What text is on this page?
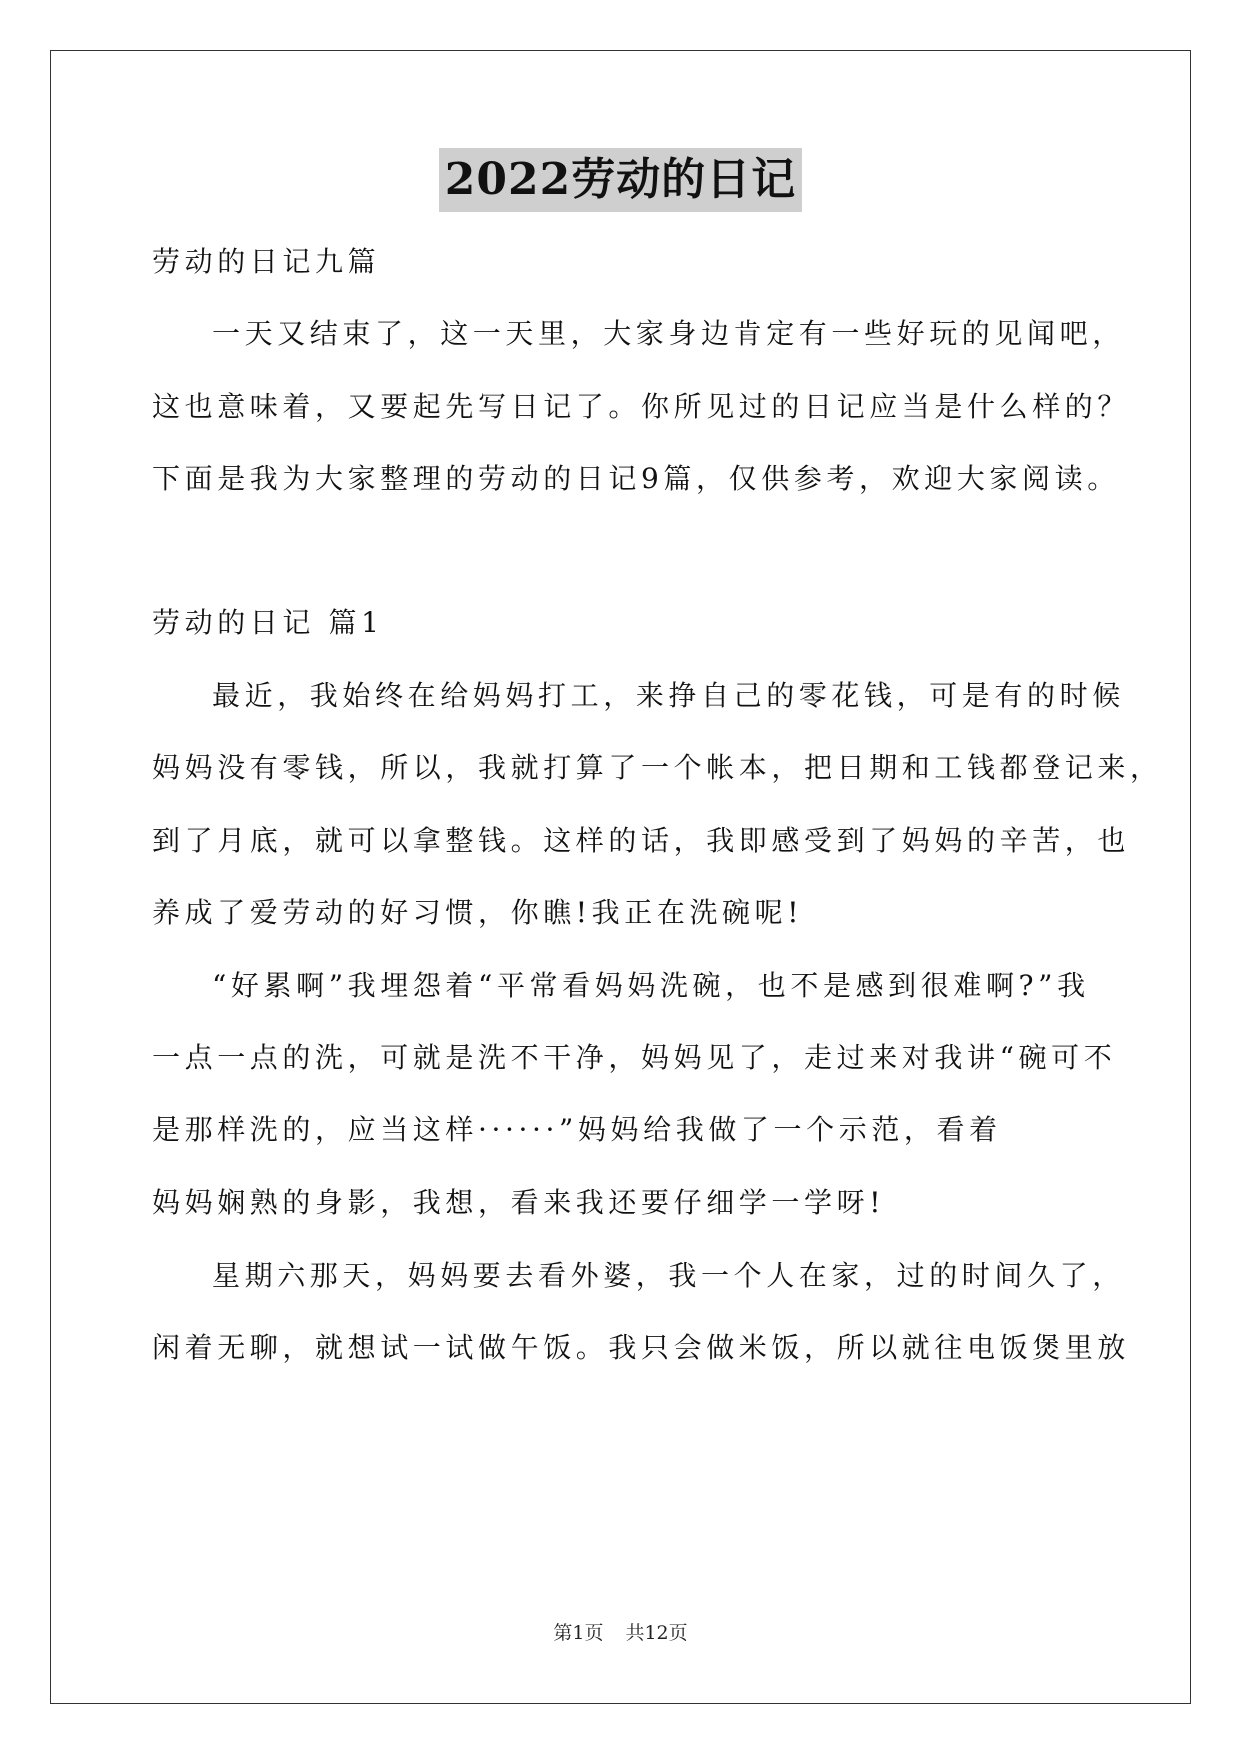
2022劳动的日记
劳动的日记九篇
一天又结束了，这一天里，大家身边肯定有一些好玩的见闻吧，
这也意味着，又要起先写日记了。你所见过的日记应当是什么样的？
下面是我为大家整理的劳动的日记9篇，仅供参考，欢迎大家阅读。
劳动的日记 篇1
最近，我始终在给妈妈打工，来挣自己的零花钱，可是有的时候
妈妈没有零钱，所以，我就打算了一个帐本，把日期和工钱都登记来，
到了月底，就可以拿整钱。这样的话，我即感受到了妈妈的辛苦，也
养成了爱劳动的好习惯，你瞧!我正在洗碗呢!
“好累啊”我埋怨着“平常看妈妈洗碗，也不是感到很难啊?”我
一点一点的洗，可就是洗不干净，妈妈见了，走过来对我讲“碗可不
是那样洗的，应当这样······”妈妈给我做了一个示范，看着
妈妈娴熟的身影，我想，看来我还要仔细学一学呀!
星期六那天，妈妈要去看外婆，我一个人在家，过的时间久了，
闲着无聊，就想试一试做午饭。我只会做米饭，所以就往电饭煲里放
第1页 共12页
